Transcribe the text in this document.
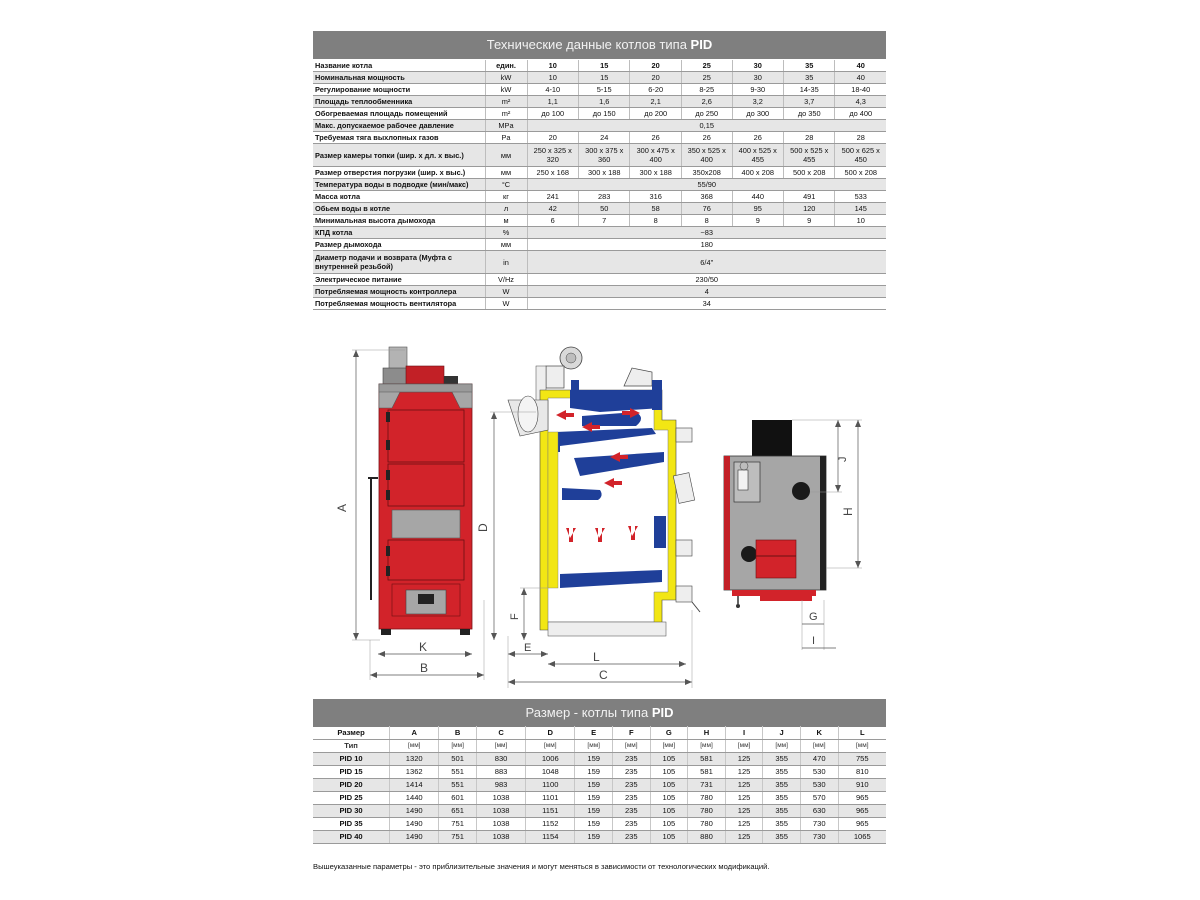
Технические данные котлов типа PID
Название котла	един.	10	15	20	25	30	35	40
Номинальная мощность	kW	10	15	20	25	30	35	40
Регулирование мощности	kW	4-10	5-15	6-20	8-25	9-30	14-35	18-40
Площадь теплообменника	m²	1,1	1,6	2,1	2,6	3,2	3,7	4,3
Обогреваемая площадь помещений	m²	до 100	до 150	до 200	до 250	до 300	до 350	до 400
Макс. допускаемое рабочее давление	MPa	0,15						
Требуемая тяга выхлопных газов	Pa	20	24	26	26	26	28	28
Размер камеры топки (шир. х дл. х выс.)	мм	250 x 325 x 320	300 x 375 x 360	300 x 475 x 400	350 x 525 x 400	400 x 525 x 455	500 x 525 x 455	500 x 625 x 450
Размер отверстия погрузки (шир. х выс.)	мм	250 x 168	300 x 188	300 x 188	350x208	400 x 208	500 x 208	500 x 208
Температура воды в подводке (мин/макс)	°C	55/90						
Масса котла	кг	241	283	316	368	440	491	533
Обьем воды в котле	л	42	50	58	76	95	120	145
Минимальная высота дымохода	м	6	7	8	8	9	9	10
КПД котла	%	~83						
Размер дымохода	мм	180						
Диаметр подачи и возврата (Муфта с внутренней резьбой)	in	6/4"						
Электрическое питание	V/Hz	230/50						
Потребляемая мощность контроллера	W	4						
Потребляемая мощность вентилятора	W	34						
A
K
B
D
F
E
L
C
J
H
G
I
Размер - котлы типа PID
Размер	A	B	C	D	E	F	G	H	I	J	K	L
Тип	[мм]	[мм]	[мм]	[мм]	[мм]	[мм]	[мм]	[мм]	[мм]	[мм]	[мм]	[мм]
PID 10	1320	501	830	1006	159	235	105	581	125	355	470	755
PID 15	1362	551	883	1048	159	235	105	581	125	355	530	810
PID 20	1414	551	983	1100	159	235	105	731	125	355	530	910
PID 25	1440	601	1038	1101	159	235	105	780	125	355	570	965
PID 30	1490	651	1038	1151	159	235	105	780	125	355	630	965
PID 35	1490	751	1038	1152	159	235	105	780	125	355	730	965
PID 40	1490	751	1038	1154	159	235	105	880	125	355	730	1065
Вышеуказанные параметры - это приблизительные значения и могут меняться в зависимости от технологических модификаций.
